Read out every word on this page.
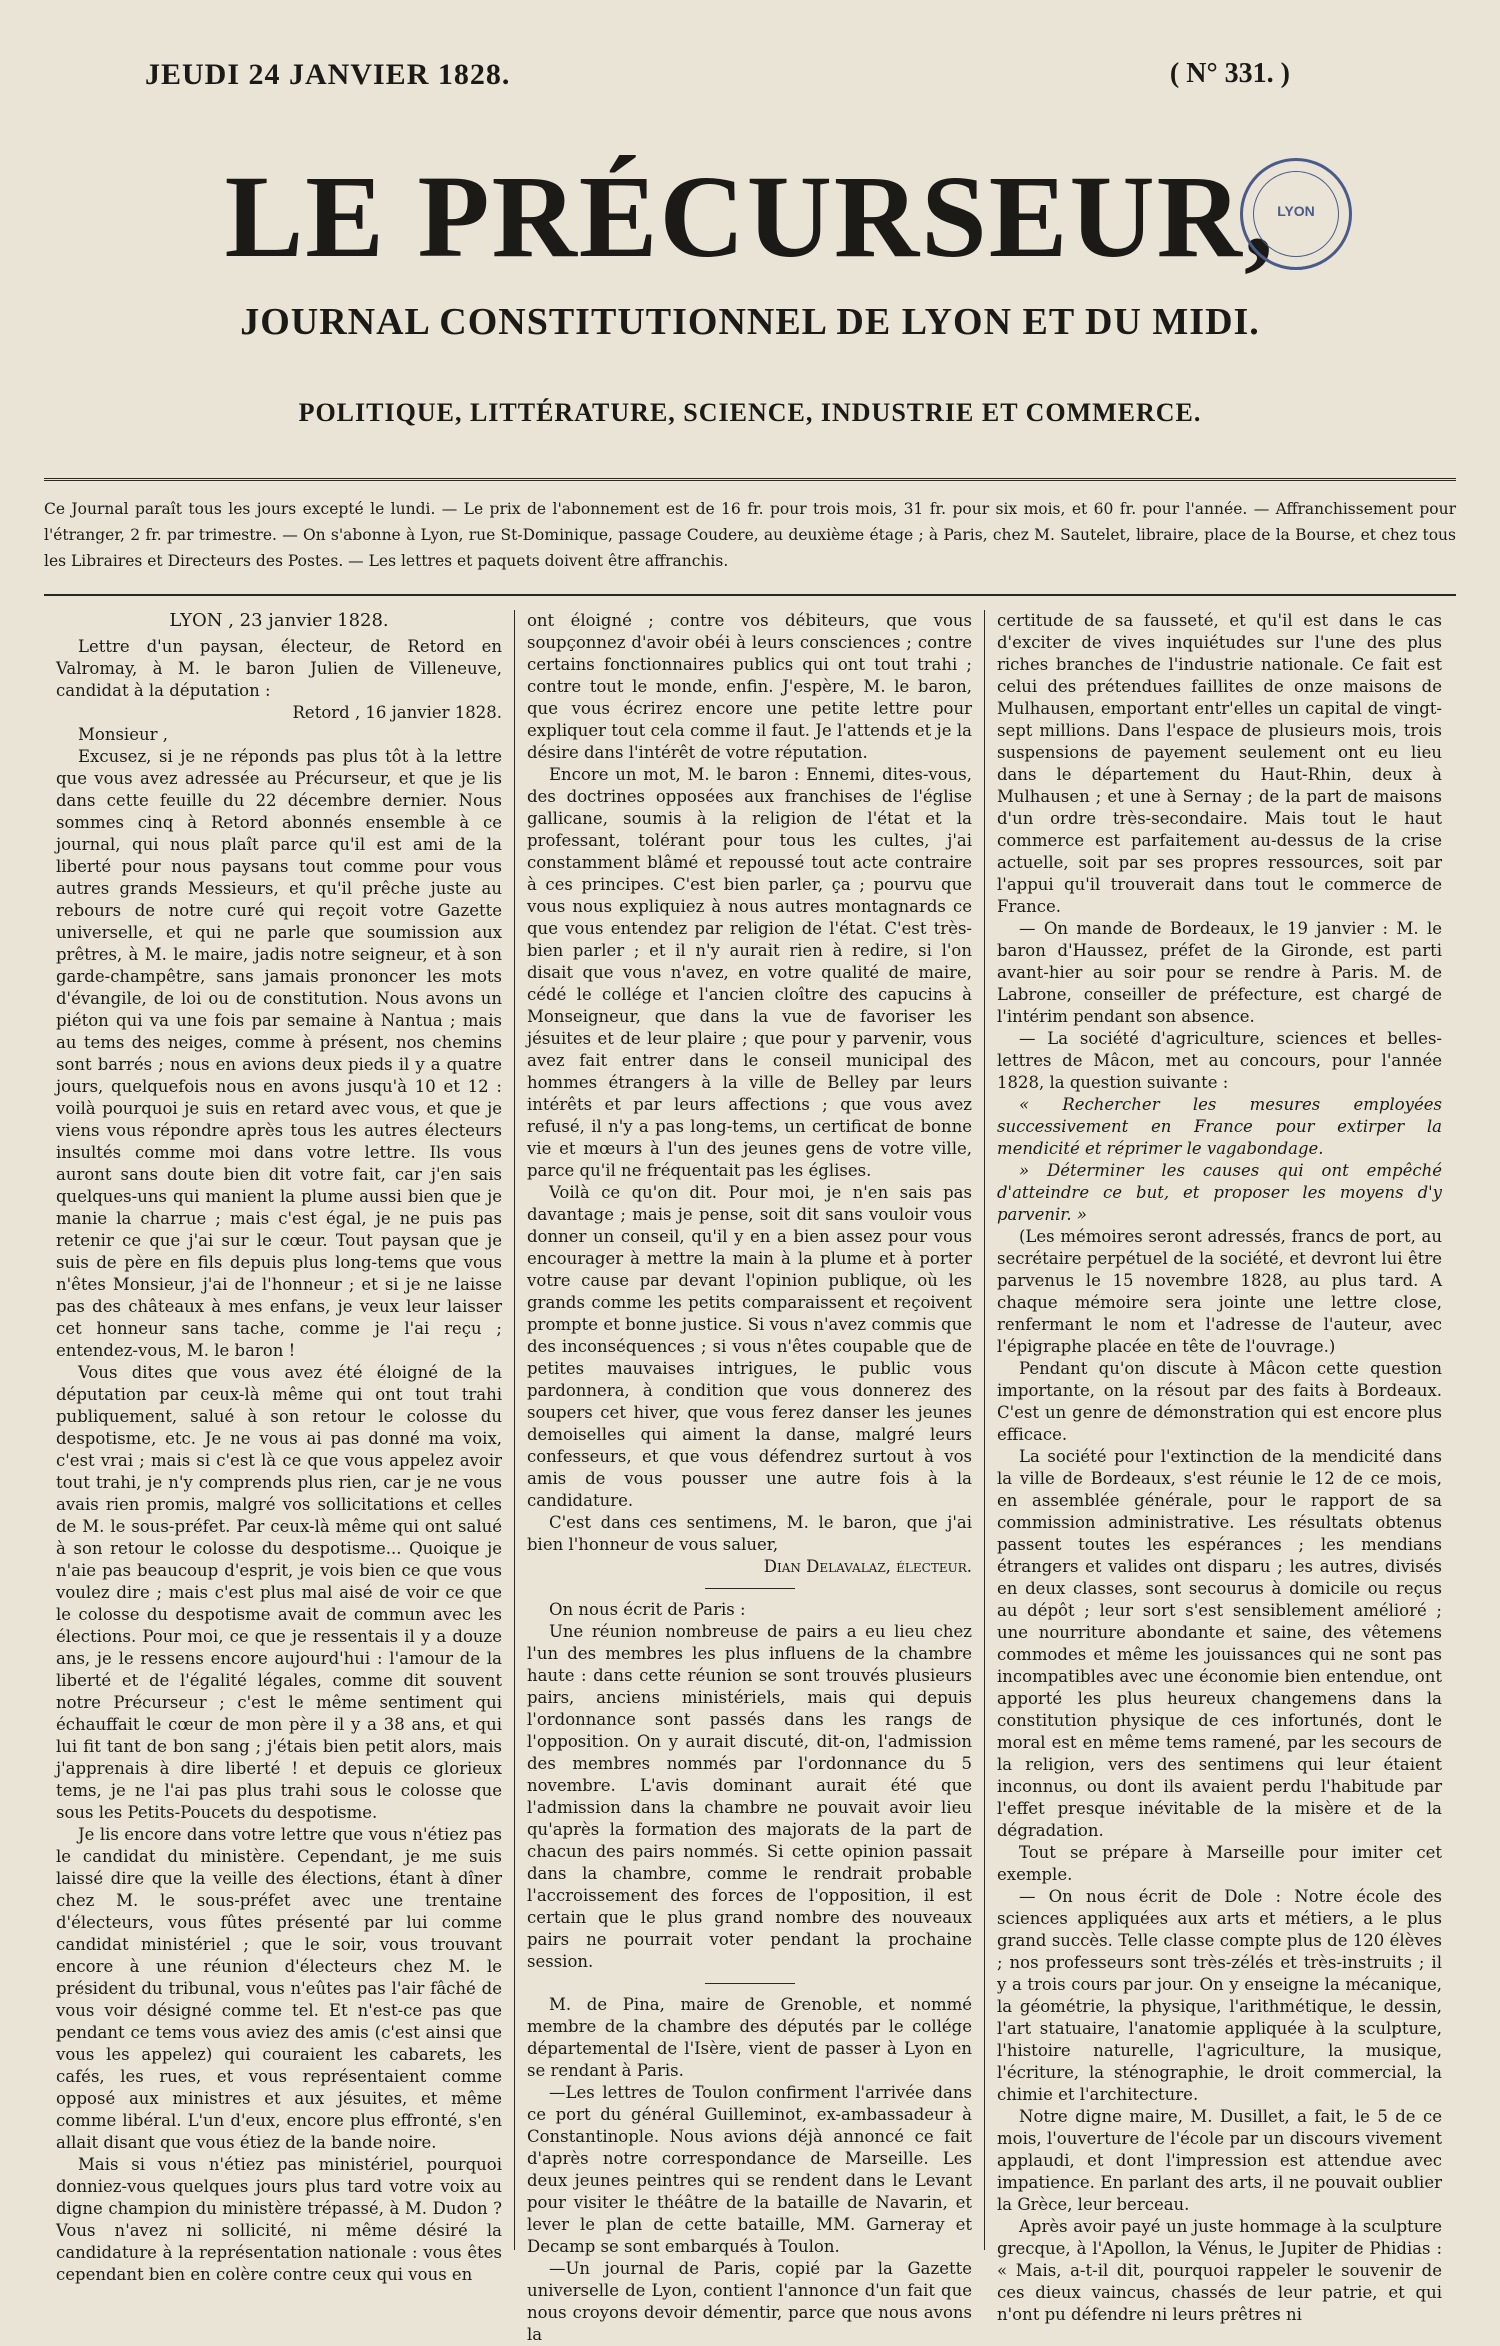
JEUDI 24 JANVIER 1828.	( N° 331. )
LE PRÉCURSEUR, LYON
JOURNAL CONSTITUTIONNEL DE LYON ET DU MIDI.
POLITIQUE, LITTÉRATURE, SCIENCE, INDUSTRIE ET COMMERCE.
Ce Journal paraît tous les jours excepté le lundi. — Le prix de l'abonnement est de 16 fr. pour trois mois, 31 fr. pour six mois, et 60 fr. pour l'année. — Affranchissement pour l'étranger, 2 fr. par trimestre. — On s'abonne à Lyon, rue St-Dominique, passage Coudere, au deuxième étage ; à Paris, chez M. Sautelet, libraire, place de la Bourse, et chez tous les Libraires et Directeurs des Postes. — Les lettres et paquets doivent être affranchis.

LYON , 23 janvier 1828.

Lettre d'un paysan, électeur, de Retord en Valromay, à M. le baron Julien de Villeneuve, candidat à la députation :

Retord , 16 janvier 1828.

Monsieur ,

Excusez, si je ne réponds pas plus tôt à la lettre que vous avez adressée au Précurseur, et que je lis dans cette feuille du 22 décembre dernier. Nous sommes cinq à Retord abonnés ensemble à ce journal, qui nous plaît parce qu'il est ami de la liberté pour nous paysans tout comme pour vous autres grands Messieurs, et qu'il prêche juste au rebours de notre curé qui reçoit votre Gazette universelle, et qui ne parle que soumission aux prêtres, à M. le maire, jadis notre seigneur, et à son garde-champêtre, sans jamais prononcer les mots d'évangile, de loi ou de constitution. Nous avons un piéton qui va une fois par semaine à Nantua ; mais au tems des neiges, comme à présent, nos chemins sont barrés ; nous en avions deux pieds il y a quatre jours, quelquefois nous en avons jusqu'à 10 et 12 : voilà pourquoi je suis en retard avec vous, et que je viens vous répondre après tous les autres électeurs insultés comme moi dans votre lettre. Ils vous auront sans doute bien dit votre fait, car j'en sais quelques-uns qui manient la plume aussi bien que je manie la charrue ; mais c'est égal, je ne puis pas retenir ce que j'ai sur le cœur. Tout paysan que je suis de père en fils depuis plus long-tems que vous n'êtes Monsieur, j'ai de l'honneur ; et si je ne laisse pas des châteaux à mes enfans, je veux leur laisser cet honneur sans tache, comme je l'ai reçu ; entendez-vous, M. le baron !

Vous dites que vous avez été éloigné de la députation par ceux-là même qui ont tout trahi publiquement, salué à son retour le colosse du despotisme, etc. Je ne vous ai pas donné ma voix, c'est vrai ; mais si c'est là ce que vous appelez avoir tout trahi, je n'y comprends plus rien, car je ne vous avais rien promis, malgré vos sollicitations et celles de M. le sous-préfet. Par ceux-là même qui ont salué à son retour le colosse du despotisme... Quoique je n'aie pas beaucoup d'esprit, je vois bien ce que vous voulez dire ; mais c'est plus mal aisé de voir ce que le colosse du despotisme avait de commun avec les élections. Pour moi, ce que je ressentais il y a douze ans, je le ressens encore aujourd'hui : l'amour de la liberté et de l'égalité légales, comme dit souvent notre Précurseur ; c'est le même sentiment qui échauffait le cœur de mon père il y a 38 ans, et qui lui fit tant de bon sang ; j'étais bien petit alors, mais j'apprenais à dire liberté ! et depuis ce glorieux tems, je ne l'ai pas plus trahi sous le colosse que sous les Petits-Poucets du despotisme.

Je lis encore dans votre lettre que vous n'étiez pas le candidat du ministère. Cependant, je me suis laissé dire que la veille des élections, étant à dîner chez M. le sous-préfet avec une trentaine d'électeurs, vous fûtes présenté par lui comme candidat ministériel ; que le soir, vous trouvant encore à une réunion d'électeurs chez M. le président du tribunal, vous n'eûtes pas l'air fâché de vous voir désigné comme tel. Et n'est-ce pas que pendant ce tems vous aviez des amis (c'est ainsi que vous les appelez) qui couraient les cabarets, les cafés, les rues, et vous représentaient comme opposé aux ministres et aux jésuites, et même comme libéral. L'un d'eux, encore plus effronté, s'en allait disant que vous étiez de la bande noire.

Mais si vous n'étiez pas ministériel, pourquoi donniez-vous quelques jours plus tard votre voix au digne champion du ministère trépassé, à M. Dudon ? Vous n'avez ni sollicité, ni même désiré la candidature à la représentation nationale : vous êtes cependant bien en colère contre ceux qui vous en

ont éloigné ; contre vos débiteurs, que vous soupçonnez d'avoir obéi à leurs consciences ; contre certains fonctionnaires publics qui ont tout trahi ; contre tout le monde, enfin. J'espère, M. le baron, que vous écrirez encore une petite lettre pour expliquer tout cela comme il faut. Je l'attends et je la désire dans l'intérêt de votre réputation.

Encore un mot, M. le baron : Ennemi, dites-vous, des doctrines opposées aux franchises de l'église gallicane, soumis à la religion de l'état et la professant, tolérant pour tous les cultes, j'ai constamment blâmé et repoussé tout acte contraire à ces principes. C'est bien parler, ça ; pourvu que vous nous expliquiez à nous autres montagnards ce que vous entendez par religion de l'état. C'est très-bien parler ; et il n'y aurait rien à redire, si l'on disait que vous n'avez, en votre qualité de maire, cédé le collége et l'ancien cloître des capucins à Monseigneur, que dans la vue de favoriser les jésuites et de leur plaire ; que pour y parvenir, vous avez fait entrer dans le conseil municipal des hommes étrangers à la ville de Belley par leurs intérêts et par leurs affections ; que vous avez refusé, il n'y a pas long-tems, un certificat de bonne vie et mœurs à l'un des jeunes gens de votre ville, parce qu'il ne fréquentait pas les églises.

Voilà ce qu'on dit. Pour moi, je n'en sais pas davantage ; mais je pense, soit dit sans vouloir vous donner un conseil, qu'il y en a bien assez pour vous encourager à mettre la main à la plume et à porter votre cause par devant l'opinion publique, où les grands comme les petits comparaissent et reçoivent prompte et bonne justice. Si vous n'avez commis que des inconséquences ; si vous n'êtes coupable que de petites mauvaises intrigues, le public vous pardonnera, à condition que vous donnerez des soupers cet hiver, que vous ferez danser les jeunes demoiselles qui aiment la danse, malgré leurs confesseurs, et que vous défendrez surtout à vos amis de vous pousser une autre fois à la candidature.

C'est dans ces sentimens, M. le baron, que j'ai bien l'honneur de vous saluer,

Dian Delavalaz, électeur.

On nous écrit de Paris :

Une réunion nombreuse de pairs a eu lieu chez l'un des membres les plus influens de la chambre haute : dans cette réunion se sont trouvés plusieurs pairs, anciens ministériels, mais qui depuis l'ordonnance sont passés dans les rangs de l'opposition. On y aurait discuté, dit-on, l'admission des membres nommés par l'ordonnance du 5 novembre. L'avis dominant aurait été que l'admission dans la chambre ne pouvait avoir lieu qu'après la formation des majorats de la part de chacun des pairs nommés. Si cette opinion passait dans la chambre, comme le rendrait probable l'accroissement des forces de l'opposition, il est certain que le plus grand nombre des nouveaux pairs ne pourrait voter pendant la prochaine session.

M. de Pina, maire de Grenoble, et nommé membre de la chambre des députés par le collége départemental de l'Isère, vient de passer à Lyon en se rendant à Paris.

—Les lettres de Toulon confirment l'arrivée dans ce port du général Guilleminot, ex-ambassadeur à Constantinople. Nous avions déjà annoncé ce fait d'après notre correspondance de Marseille. Les deux jeunes peintres qui se rendent dans le Levant pour visiter le théâtre de la bataille de Navarin, et lever le plan de cette bataille, MM. Garneray et Decamp se sont embarqués à Toulon.

—Un journal de Paris, copié par la Gazette universelle de Lyon, contient l'annonce d'un fait que nous croyons devoir démentir, parce que nous avons la

certitude de sa fausseté, et qu'il est dans le cas d'exciter de vives inquiétudes sur l'une des plus riches branches de l'industrie nationale. Ce fait est celui des prétendues faillites de onze maisons de Mulhausen, emportant entr'elles un capital de vingt-sept millions. Dans l'espace de plusieurs mois, trois suspensions de payement seulement ont eu lieu dans le département du Haut-Rhin, deux à Mulhausen ; et une à Sernay ; de la part de maisons d'un ordre très-secondaire. Mais tout le haut commerce est parfaitement au-dessus de la crise actuelle, soit par ses propres ressources, soit par l'appui qu'il trouverait dans tout le commerce de France.

— On mande de Bordeaux, le 19 janvier : M. le baron d'Haussez, préfet de la Gironde, est parti avant-hier au soir pour se rendre à Paris. M. de Labrone, conseiller de préfecture, est chargé de l'intérim pendant son absence.

— La société d'agriculture, sciences et belles-lettres de Mâcon, met au concours, pour l'année 1828, la question suivante :

« Rechercher les mesures employées successivement en France pour extirper la mendicité et réprimer le vagabondage.

» Déterminer les causes qui ont empêché d'atteindre ce but, et proposer les moyens d'y parvenir. »

(Les mémoires seront adressés, francs de port, au secrétaire perpétuel de la société, et devront lui être parvenus le 15 novembre 1828, au plus tard. A chaque mémoire sera jointe une lettre close, renfermant le nom et l'adresse de l'auteur, avec l'épigraphe placée en tête de l'ouvrage.)

Pendant qu'on discute à Mâcon cette question importante, on la résout par des faits à Bordeaux. C'est un genre de démonstration qui est encore plus efficace.

La société pour l'extinction de la mendicité dans la ville de Bordeaux, s'est réunie le 12 de ce mois, en assemblée générale, pour le rapport de sa commission administrative. Les résultats obtenus passent toutes les espérances ; les mendians étrangers et valides ont disparu ; les autres, divisés en deux classes, sont secourus à domicile ou reçus au dépôt ; leur sort s'est sensiblement amélioré ; une nourriture abondante et saine, des vêtemens commodes et même les jouissances qui ne sont pas incompatibles avec une économie bien entendue, ont apporté les plus heureux changemens dans la constitution physique de ces infortunés, dont le moral est en même tems ramené, par les secours de la religion, vers des sentimens qui leur étaient inconnus, ou dont ils avaient perdu l'habitude par l'effet presque inévitable de la misère et de la dégradation.

Tout se prépare à Marseille pour imiter cet exemple.

— On nous écrit de Dole : Notre école des sciences appliquées aux arts et métiers, a le plus grand succès. Telle classe compte plus de 120 élèves ; nos professeurs sont très-zélés et très-instruits ; il y a trois cours par jour. On y enseigne la mécanique, la géométrie, la physique, l'arithmétique, le dessin, l'art statuaire, l'anatomie appliquée à la sculpture, l'histoire naturelle, l'agriculture, la musique, l'écriture, la sténographie, le droit commercial, la chimie et l'architecture.

Notre digne maire, M. Dusillet, a fait, le 5 de ce mois, l'ouverture de l'école par un discours vivement applaudi, et dont l'impression est attendue avec impatience. En parlant des arts, il ne pouvait oublier la Grèce, leur berceau.

Après avoir payé un juste hommage à la sculpture grecque, à l'Apollon, la Vénus, le Jupiter de Phidias : « Mais, a-t-il dit, pourquoi rappeler le souvenir de ces dieux vaincus, chassés de leur patrie, et qui n'ont pu défendre ni leurs prêtres ni
